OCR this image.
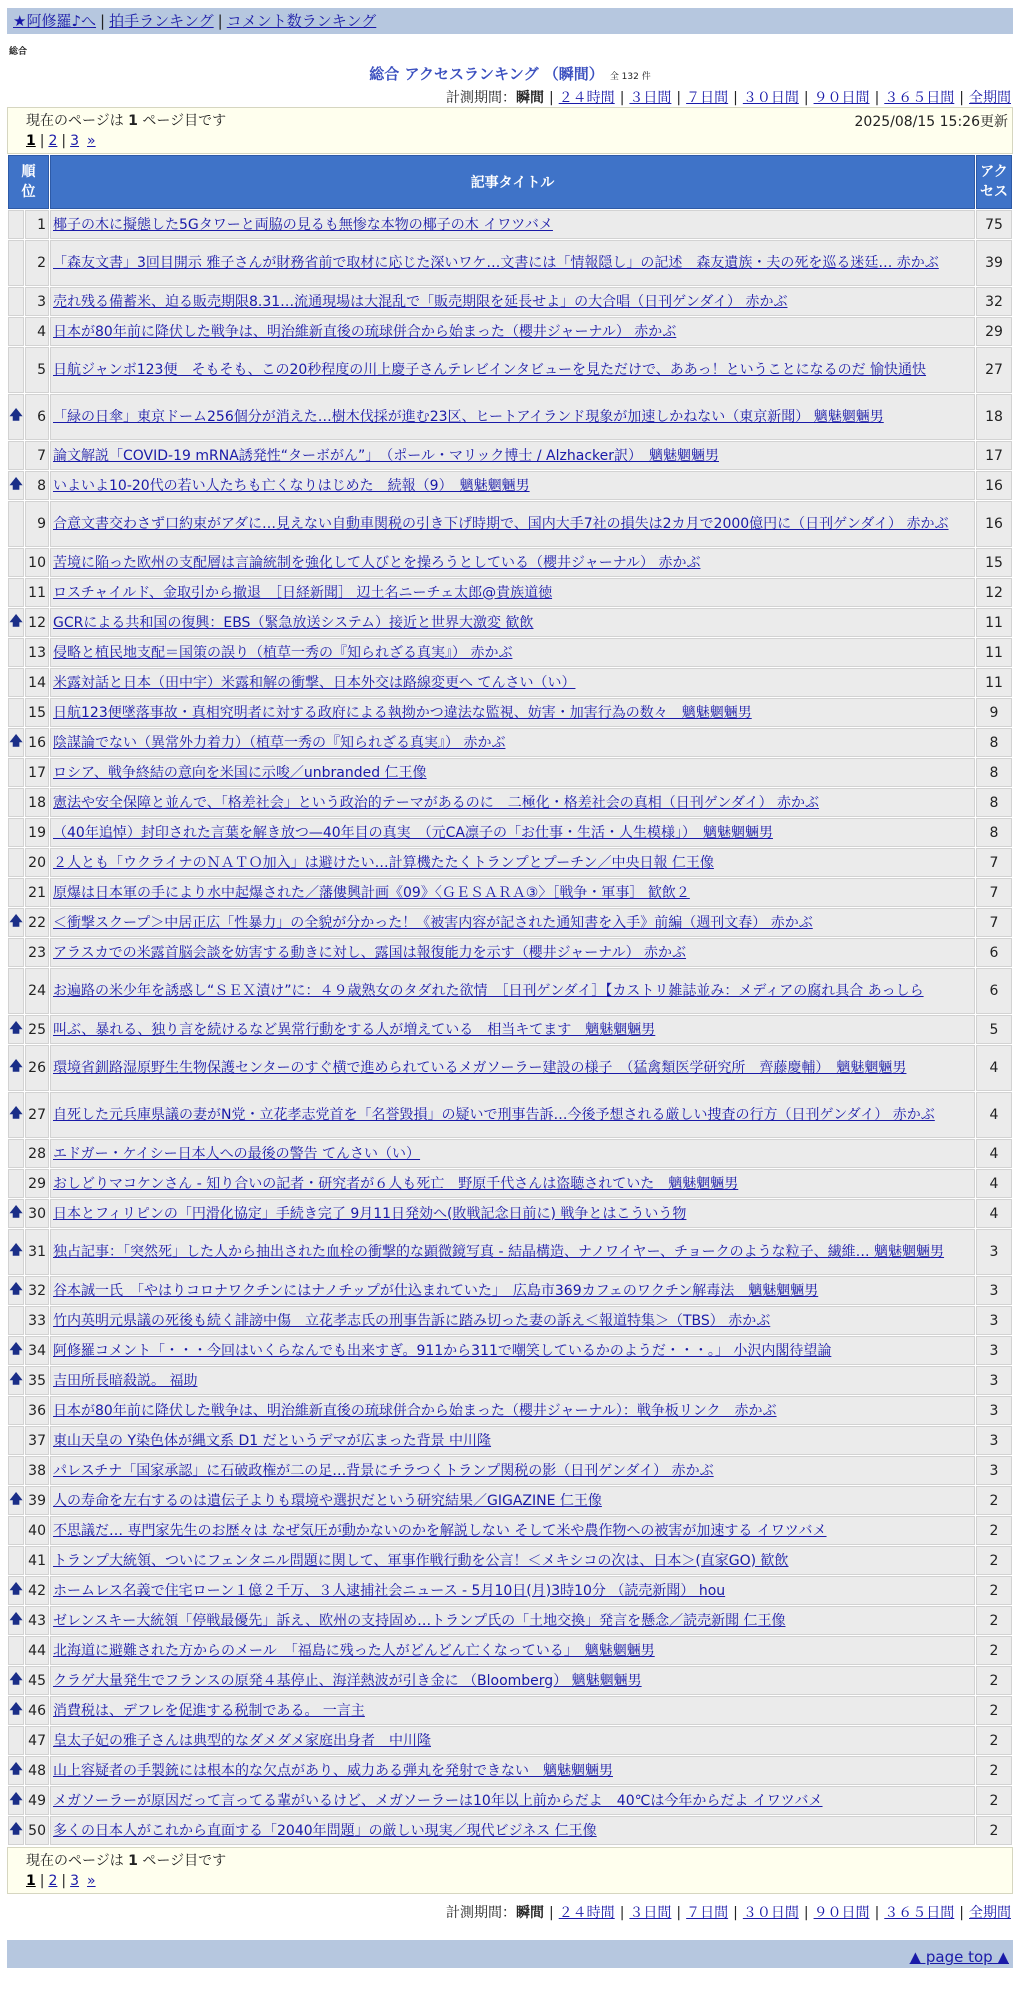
★阿修羅♪へ | 拍手ランキング | コメント数ランキング
総合
総合 アクセスランキング （瞬間） 全 132 件
計測期間：瞬間 | ２４時間 | ３日間 | ７日間 | ３０日間 | ９０日間 | ３６５日間 | 全期間
現在のページは 1 ページ目です	2025/08/15 15:26更新
1 | 2 | 3 »
順位		記事タイトル	アクセス

	1	椰子の木に擬態した5Gタワーと両脇の見るも無惨な本物の椰子の木 イワツバメ	75
	2	「森友文書」3回目開示 雅子さんが財務省前で取材に応じた深いワケ…文書には「情報隠し」の記述　森友遺族・夫の死を巡る迷廷… 赤かぶ	39
	3	売れ残る備蓄米、迫る販売期限8.31…流通現場は大混乱で「販売期限を延長せよ」の大合唱（日刊ゲンダイ） 赤かぶ	32
	4	日本が80年前に降伏した戦争は、明治維新直後の琉球併合から始まった（櫻井ジャーナル） 赤かぶ	29
	5	日航ジャンボ123便　そもそも、この20秒程度の川上慶子さんテレビインタビューを見ただけで、ああっ！ということになるのだ 愉快通快	27
🡅	6	「緑の日傘」東京ドーム256個分が消えた…樹木伐採が進む23区、ヒートアイランド現象が加速しかねない（東京新聞） 魑魅魍魎男	18
	7	論文解説「COVID-19 mRNA誘発性“ターボがん”」　（ポール・マリック博士 / Alzhacker訳）　魑魅魍魎男	17
🡅	8	いよいよ10-20代の若い人たちも亡くなりはじめた　続報（9）　魑魅魍魎男	16
	9	合意文書交わさず口約束がアダに…見えない自動車関税の引き下げ時期で、国内大手7社の損失は2カ月で2000億円に（日刊ゲンダイ） 赤かぶ	16
	10	苦境に陥った欧州の支配層は言論統制を強化して人びとを操ろうとしている（櫻井ジャーナル） 赤かぶ	15
	11	ロスチャイルド、金取引から撤退　［日経新聞］ 辺土名ニーチェ太郎@貴族道徳	12
🡅	12	GCRによる共和国の復興：EBS（緊急放送システム）接近と世界大激変 歓飲	11
	13	侵略と植民地支配＝国策の誤り（植草一秀の『知られざる真実』） 赤かぶ	11
	14	米露対話と日本（田中宇）米露和解の衝撃、日本外交は路線変更へ てんさい（い）	11
	15	日航123便墜落事故・真相究明者に対する政府による執拗かつ違法な監視、妨害・加害行為の数々　魑魅魍魎男	9
🡅	16	陰謀論でない（異常外力着力）（植草一秀の『知られざる真実』） 赤かぶ	8
	17	ロシア、戦争終結の意向を米国に示唆／unbranded 仁王像	8
	18	憲法や安全保障と並んで、「格差社会」という政治的テーマがあるのに　二極化・格差社会の真相（日刊ゲンダイ） 赤かぶ	8
	19	（40年追悼）封印された言葉を解き放つ—40年目の真実　（元CA凛子の「お仕事・生活・人生模様」）　魑魅魍魎男	8
	20	２人とも「ウクライナのＮＡＴＯ加入」は避けたい…計算機たたくトランプとプーチン／中央日報 仁王像	7
	21	原爆は日本軍の手により水中起爆された／藩僂興計画《09》〈ＧＥＳＡＲＡ③〉［戦争・軍事］ 歓飲２	7
🡅	22	＜衝撃スクープ＞中居正広「性暴力」の全貌が分かった！《被害内容が記された通知書を入手》前編（週刊文春） 赤かぶ	7
	23	アラスカでの米露首脳会談を妨害する動きに対し、露国は報復能力を示す（櫻井ジャーナル） 赤かぶ	6
	24	お遍路の米少年を誘惑し“ＳＥＸ漬け”に：４９歳熟女のタダれた欲情　［日刊ゲンダイ］【カストリ雑誌並み：メディアの腐れ具合 あっしら	6
🡅	25	叫ぶ、暴れる、独り言を続けるなど異常行動をする人が増えている　相当キてます　魑魅魍魎男	5
🡅	26	環境省釧路湿原野生生物保護センターのすぐ横で進められているメガソーラー建設の様子　（猛禽類医学研究所　齊藤慶輔）　魑魅魍魎男	4
🡅	27	自死した元兵庫県議の妻がN党・立花孝志党首を「名誉毀損」の疑いで刑事告訴…今後予想される厳しい捜査の行方（日刊ゲンダイ） 赤かぶ	4
	28	エドガー・ケイシー日本人への最後の警告 てんさい（い）	4
	29	おしどりマコケンさん - 知り合いの記者・研究者が６人も死亡　野原千代さんは盗聴されていた　魑魅魍魎男	4
🡅	30	日本とフィリピンの「円滑化協定」手続き完了 9月11日発効へ(敗戦記念日前に) 戦争とはこういう物	4
🡅	31	独占記事：「突然死」した人から抽出された血栓の衝撃的な顕微鏡写真 - 結晶構造、ナノワイヤー、チョークのような粒子、繊維… 魑魅魍魎男	3
🡅	32	谷本誠一氏　「やはりコロナワクチンにはナノチップが仕込まれていた」　広島市369カフェのワクチン解毒法　魑魅魍魎男	3
	33	竹内英明元県議の死後も続く誹謗中傷　立花孝志氏の刑事告訴に踏み切った妻の訴え＜報道特集＞（TBS） 赤かぶ	3
🡅	34	阿修羅コメント「・・・今回はいくらなんでも出来すぎ。911から311で嘲笑しているかのようだ・・・。」 小沢内閣待望論	3
🡅	35	吉田所長暗殺説。 福助	3
	36	日本が80年前に降伏した戦争は、明治維新直後の琉球併合から始まった（櫻井ジャーナル）：戦争板リンク　赤かぶ	3
	37	東山天皇の Y染色体が縄文系 D1 だというデマが広まった背景 中川隆	3
	38	パレスチナ「国家承認」に石破政権が二の足…背景にチラつくトランプ関税の影（日刊ゲンダイ） 赤かぶ	3
🡅	39	人の寿命を左右するのは遺伝子よりも環境や選択だという研究結果／GIGAZINE 仁王像	2
	40	不思議だ… 専門家先生のお歴々は なぜ気圧が動かないのかを解説しない そして米や農作物への被害が加速する イワツバメ	2
	41	トランプ大統領、ついにフェンタニル問題に関して、軍事作戦行動を公言！＜メキシコの次は、日本＞(直家GO) 歓飲	2
🡅	42	ホームレス名義で住宅ローン１億２千万、３人逮捕社会ニュース - 5月10日(月)3時10分 （読売新聞） hou	2
🡅	43	ゼレンスキー大統領「停戦最優先」訴え、欧州の支持固め…トランプ氏の「土地交換」発言を懸念／読売新聞 仁王像	2
	44	北海道に避難された方からのメール　「福島に残った人がどんどん亡くなっている」　魑魅魍魎男	2
🡅	45	クラゲ大量発生でフランスの原発４基停止、海洋熱波が引き金に （Bloomberg） 魑魅魍魎男	2
🡅	46	消費税は、デフレを促進する税制である。 一言主	2
	47	皇太子妃の雅子さんは典型的なダメダメ家庭出身者　中川隆	2
🡅	48	山上容疑者の手製銃には根本的な欠点があり、威力ある弾丸を発射できない　魑魅魍魎男	2
🡅	49	メガソーラーが原因だって言ってる輩がいるけど、メガソーラーは10年以上前からだよ　40℃は今年からだよ イワツバメ	2
🡅	50	多くの日本人がこれから直面する「2040年問題」の厳しい現実／現代ビジネス 仁王像	2
現在のページは 1 ページ目です
1 | 2 | 3 »
計測期間：瞬間 | ２４時間 | ３日間 | ７日間 | ３０日間 | ９０日間 | ３６５日間 | 全期間
▲ page top ▲
